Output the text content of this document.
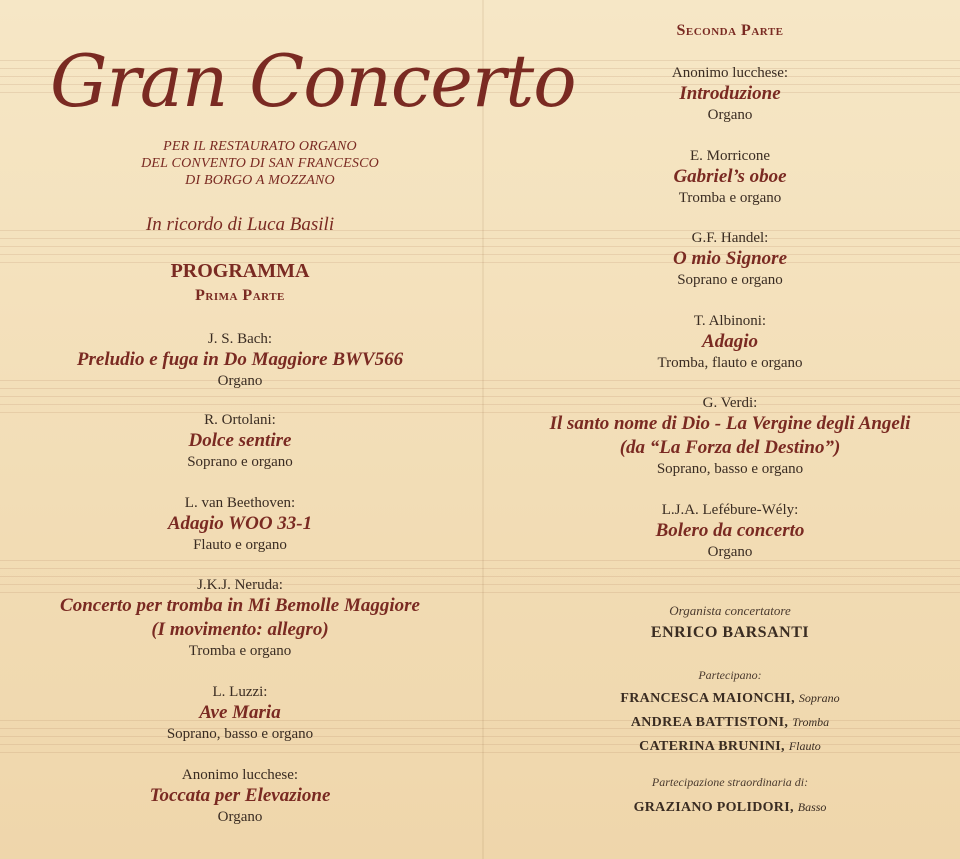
Gran Concerto
PER IL RESTAURATO ORGANO
DEL CONVENTO DI SAN FRANCESCO
DI BORGO A MOZZANO
In ricordo di Luca Basili
PROGRAMMA
Prima Parte
J. S. Bach:
Preludio e fuga in Do Maggiore BWV566
Organo
R. Ortolani:
Dolce sentire
Soprano e organo
L. van Beethoven:
Adagio WOO 33-1
Flauto e organo
J.K.J. Neruda:
Concerto per tromba in Mi Bemolle Maggiore
(I movimento: allegro)
Tromba e organo
L. Luzzi:
Ave Maria
Soprano, basso e organo
Anonimo lucchese:
Toccata per Elevazione
Organo
Seconda Parte
Anonimo lucchese:
Introduzione
Organo
E. Morricone
Gabriel’s oboe
Tromba e organo
G.F. Handel:
O mio Signore
Soprano e organo
T. Albinoni:
Adagio
Tromba, flauto e organo
G. Verdi:
Il santo nome di Dio - La Vergine degli Angeli
(da “La Forza del Destino”)
Soprano, basso e organo
L.J.A. Lefébure-Wély:
Bolero da concerto
Organo
Organista concertatore
ENRICO BARSANTI
Partecipano:
FRANCESCA MAIONCHI, Soprano
ANDREA BATTISTONI, Tromba
CATERINA BRUNINI, Flauto
Partecipazione straordinaria di:
GRAZIANO POLIDORI, Basso
